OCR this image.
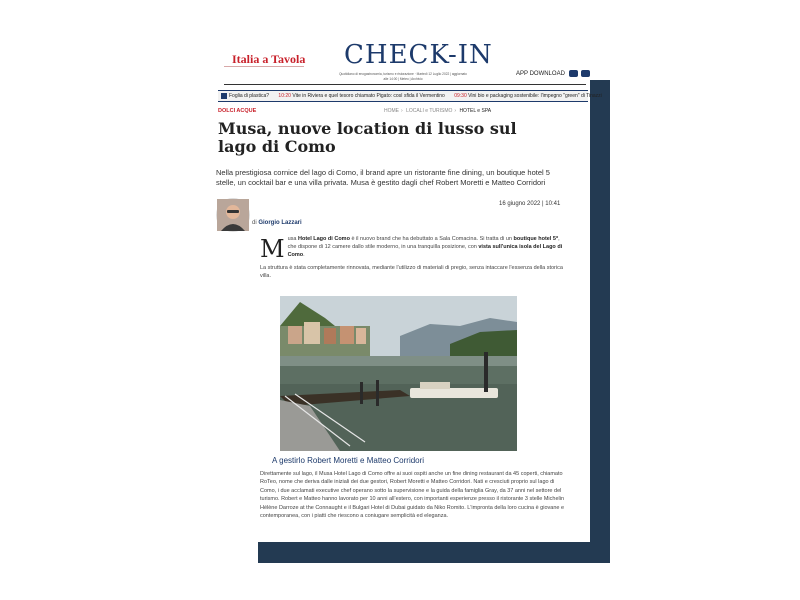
Italia a Tavola CHECK-IN
Quotidiano di enogastronomia, turismo e ristorazione · Martedì 12 Luglio 2022 | aggiornato alle 14:00 | Meteo | Archivio
APP DOWNLOAD
Foglia di plastica? 10:20 Vite in Riviera e quel tesoro chiamato Pigato: così sfida il Vermentino 09:30 Vini bio e packaging sostenibile: l'impegno "green" di Tinazzi
DOLCI ACQUE	HOME › LOCALI e TURISMO › HOTEL e SPA
Musa, nuove location di lusso sul lago di Como
Nella prestigiosa cornice del lago di Como, il brand apre un ristorante fine dining, un boutique hotel 5 stelle, un cocktail bar e una villa privata. Musa è gestito dagli chef Robert Moretti e Matteo Corridori
di Giorgio Lazzari
16 giugno 2022 | 10:41
M usa Hotel Lago di Como è il nuovo brand che ha debuttato a Sala Comacina. Si tratta di un boutique hotel 5*, che dispone di 12 camere dallo stile moderno, in una tranquilla posizione, con vista sull'unica isola del Lago di Como.

La struttura è stata completamente rinnovata, mediante l'utilizzo di materiali di pregio, senza intaccare l'essenza della storica villa.

A gestirlo Robert Moretti e Matteo Corridori
Direttamente sul lago, il Musa Hotel Lago di Como offre ai suoi ospiti anche un fine dining restaurant da 45 coperti, chiamato RoTeo, nome che deriva dalle iniziali dei due gestori, Robert Moretti e Matteo Corridori. Nati e cresciuti proprio sul lago di Como, i due acclamati executive chef operano sotto la supervisione e la guida della famiglia Gray, da 37 anni nel settore del turismo. Robert e Matteo hanno lavorato per 10 anni all'estero, con importanti esperienze presso il ristorante 3 stelle Michelin Hélène Darroze at the Connaught e il Bulgari Hotel di Dubai guidato da Niko Romito. L'impronta della loro cucina è giovane e contemporanea, con i piatti che riescono a coniugare semplicità ed eleganza.
